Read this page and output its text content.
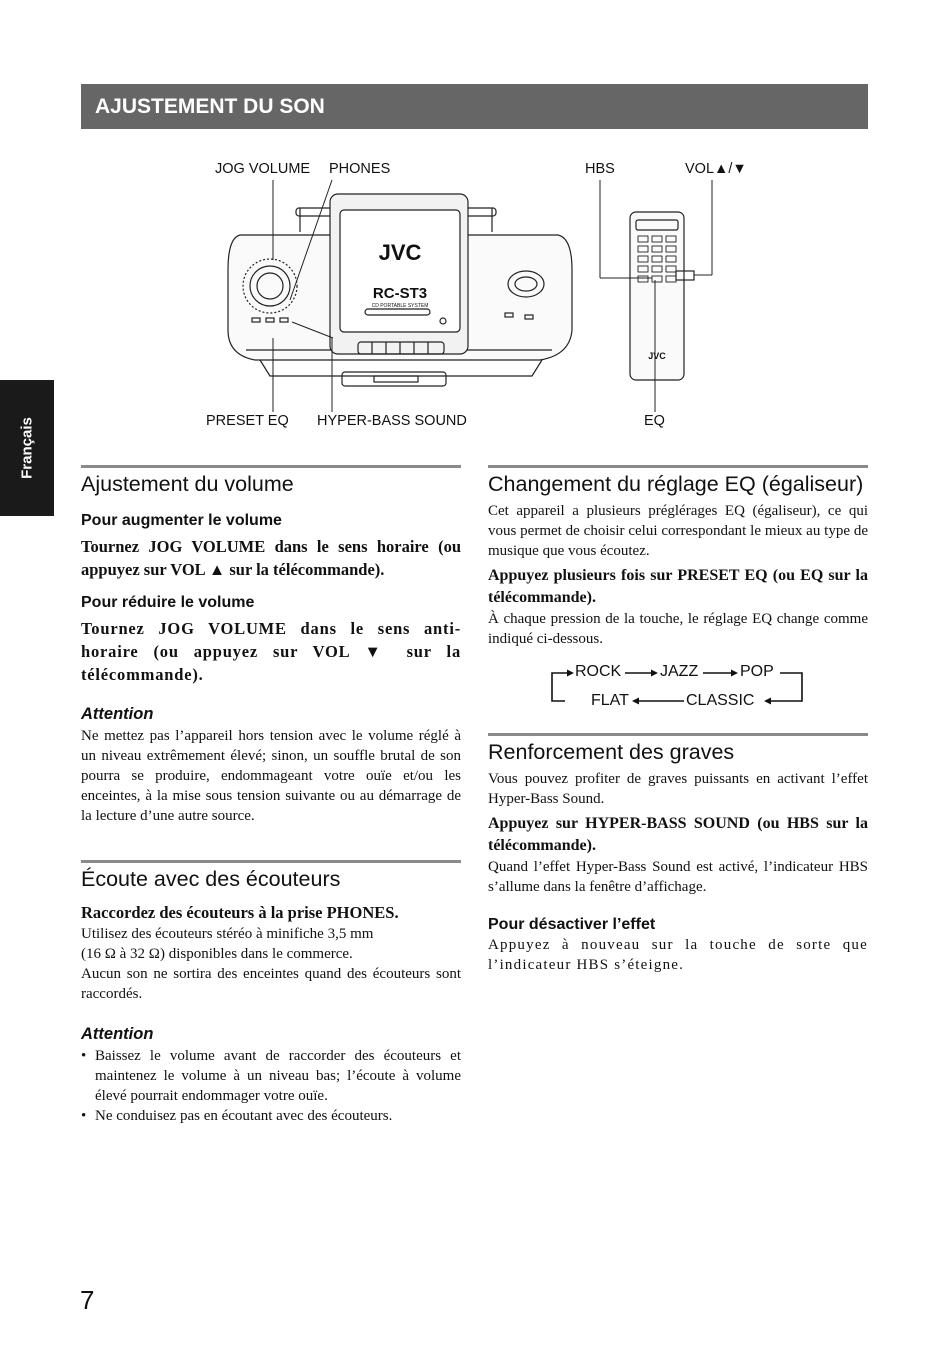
AJUSTEMENT DU SON
Français
JOG VOLUME PHONES	HBS	VOL▲/▼
PRESET EQ HYPER-BASS SOUND	EQ
JVC
RC-ST3
CD PORTABLE SYSTEM
JVC
Ajustement du volume
Pour augmenter le volume

Tournez JOG VOLUME dans le sens horaire (ou appuyez sur VOL ▲ sur la télécommande).

Pour réduire le volume

Tournez JOG VOLUME dans le sens anti-horaire (ou appuyez sur VOL ▼ sur la télécommande).

Attention

Ne mettez pas l’appareil hors tension avec le volume réglé à un niveau extrêmement élevé; sinon, un souffle brutal de son pourra se produire, endommageant votre ouïe et/ou les enceintes, à la mise sous tension suivante ou au démarrage de la lecture d’une autre source.

Écoute avec des écouteurs

Raccordez des écouteurs à la prise PHONES.

Utilisez des écouteurs stéréo à minifiche 3,5 mm

(16 Ω à 32 Ω) disponibles dans le commerce.

Aucun son ne sortira des enceintes quand des écouteurs sont raccordés.

Attention
• Baissez le volume avant de raccorder des écouteurs et maintenez le volume à un niveau bas; l’écoute à volume élevé pourrait endommager votre ouïe.
• Ne conduisez pas en écoutant avec des écouteurs.
Changement du réglage EQ (égaliseur)

Cet appareil a plusieurs préglérages EQ (égaliseur), ce qui vous permet de choisir celui correspondant le mieux au type de musique que vous écoutez.

Appuyez plusieurs fois sur PRESET EQ (ou EQ sur la télécommande).

À chaque pression de la touche, le réglage EQ change comme indiqué ci-dessous.

ROCK JAZZ	POP
CLASSIC
FLAT
Renforcement des graves

Vous pouvez profiter de graves puissants en activant l’effet Hyper-Bass Sound.

Appuyez sur HYPER-BASS SOUND (ou HBS sur la télécommande).

Quand l’effet Hyper-Bass Sound est activé, l’indicateur HBS s’allume dans la fenêtre d’affichage.

Pour désactiver l’effet

Appuyez à nouveau sur la touche de sorte que l’indicateur HBS s’éteigne.

7
